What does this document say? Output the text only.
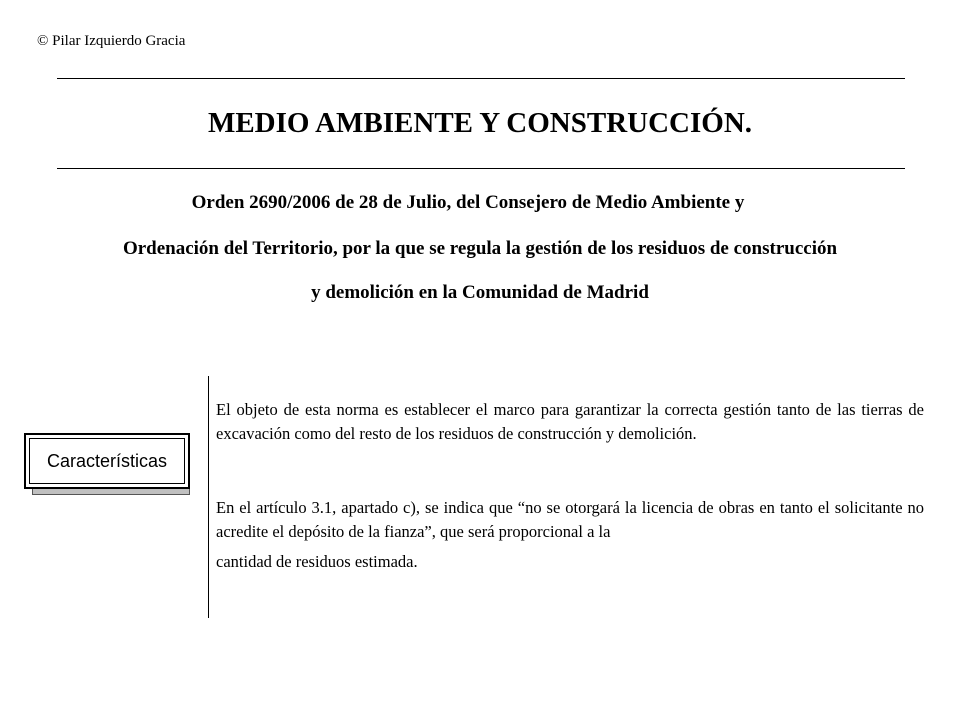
© Pilar Izquierdo Gracia
MEDIO AMBIENTE Y CONSTRUCCIÓN.
Orden 2690/2006 de 28 de Julio, del Consejero de Medio Ambiente y
Ordenación del Territorio, por la que se regula la gestión de los residuos de construcción
y demolición en la Comunidad de Madrid
Características
El objeto de esta norma es establecer el marco para garantizar la correcta gestión tanto de las tierras de excavación como del resto de los residuos de construcción y demolición.
En el artículo 3.1, apartado c), se indica que “no se otorgará la licencia de obras en tanto el solicitante no acredite el depósito de la fianza”, que será proporcional a la
cantidad de residuos estimada.
